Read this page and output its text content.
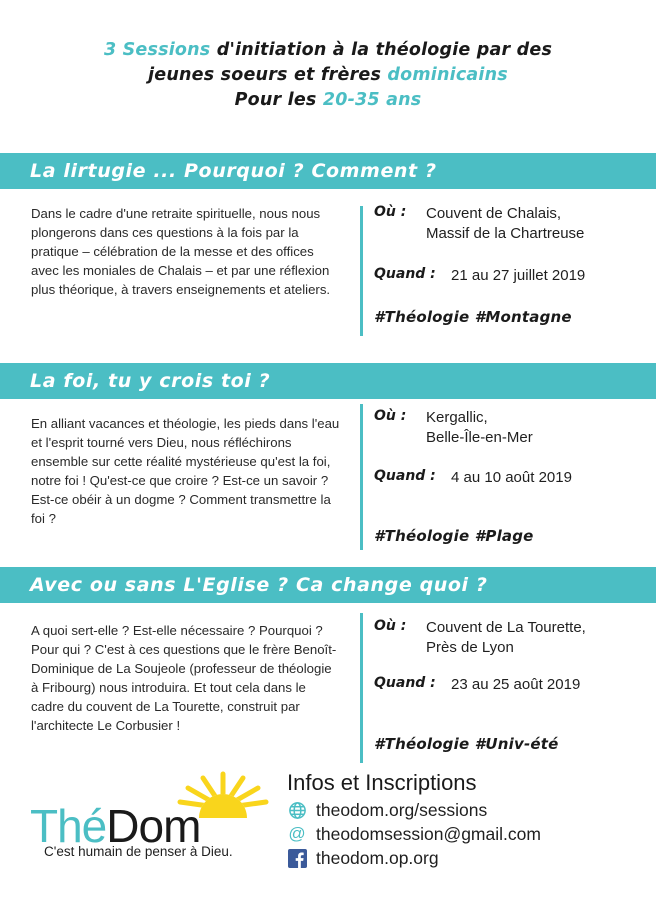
3 Sessions d'initiation à la théologie par des
jeunes soeurs et frères dominicains
Pour les 20-35 ans
La lirtugie ... Pourquoi ? Comment ?
Dans le cadre d'une retraite spirituelle, nous nous plongerons dans ces questions à la fois par la pratique – célébration de la messe et des offices avec les moniales de Chalais – et par une réflexion plus théorique, à travers enseignements et ateliers.
Où :	Couvent de Chalais,
Massif de la Chartreuse
Quand :	21 au 27 juillet 2019
#Théologie #Montagne
La foi, tu y crois toi ?
En alliant vacances et théologie, les pieds dans l'eau et l'esprit tourné vers Dieu, nous réfléchirons ensemble sur cette réalité mystérieuse qu'est la foi, notre foi ! Qu'est-ce que croire ? Est-ce un savoir ? Est-ce obéir à un dogme ? Comment transmettre la foi ?
Où :	Kergallic,
Belle-Île-en-Mer
Quand :	4 au 10 août 2019
#Théologie #Plage
Avec ou sans L'Eglise ? Ca change quoi ?
A quoi sert-elle ? Est-elle nécessaire ? Pourquoi ? Pour qui ? C'est à ces questions que le frère Benoît-Dominique de La Soujeole (professeur de théologie à Fribourg) nous introduira. Et tout cela dans le cadre du couvent de La Tourette, construit par l'architecte Le Corbusier !
Où :	Couvent de La Tourette,
Près de Lyon
Quand :	23 au 25 août 2019
#Théologie #Univ-été
ThéDom
C'est humain de penser à Dieu.
Infos et Inscriptions
theodom.org/sessions
@ theodomsession@gmail.com
theodom.op.org
